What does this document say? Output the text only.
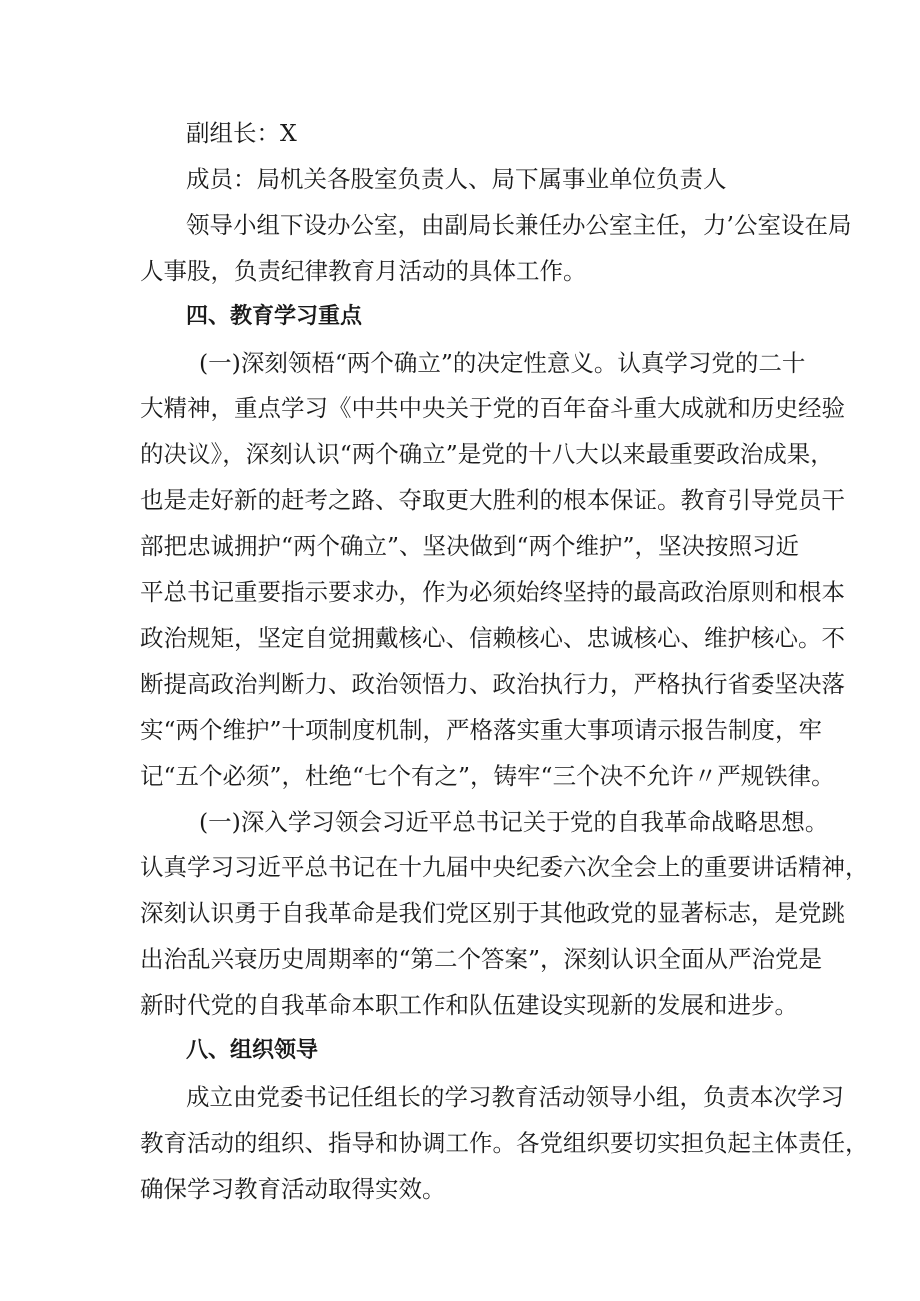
副组长：X
成员：局机关各股室负责人、局下属事业单位负责人
领导小组下设办公室，由副局长兼任办公室主任，力’公室设在局
人事股，负责纪律教育月活动的具体工作。
四、教育学习重点
(一)深刻领梧“两个确立”的决定性意义。认真学习党的二十
大精神，重点学习《中共中央关于党的百年奋斗重大成就和历史经验
的决议》，深刻认识“两个确立”是党的十八大以来最重要政治成果，
也是走好新的赶考之路、夺取更大胜利的根本保证。教育引导党员干
部把忠诚拥护“两个确立”、坚决做到“两个维护”，坚决按照习近
平总书记重要指示要求办，作为必须始终坚持的最高政治原则和根本
政治规矩，坚定自觉拥戴核心、信赖核心、忠诚核心、维护核心。不
断提高政治判断力、政治领悟力、政治执行力，严格执行省委坚决落
实“两个维护”十项制度机制，严格落实重大事项请示报告制度，牢
记“五个必须”，杜绝“七个有之”，铸牢“三个决不允许〃严规铁律。
(一)深入学习领会习近平总书记关于党的自我革命战略思想。
认真学习习近平总书记在十九届中央纪委六次全会上的重要讲话精神，
深刻认识勇于自我革命是我们党区别于其他政党的显著标志，是党跳
出治乱兴衰历史周期率的“第二个答案”，深刻认识全面从严治党是
新时代党的自我革命本职工作和队伍建设实现新的发展和进步。
八、组织领导
成立由党委书记任组长的学习教育活动领导小组，负责本次学习
教育活动的组织、指导和协调工作。各党组织要切实担负起主体责任，
确保学习教育活动取得实效。
